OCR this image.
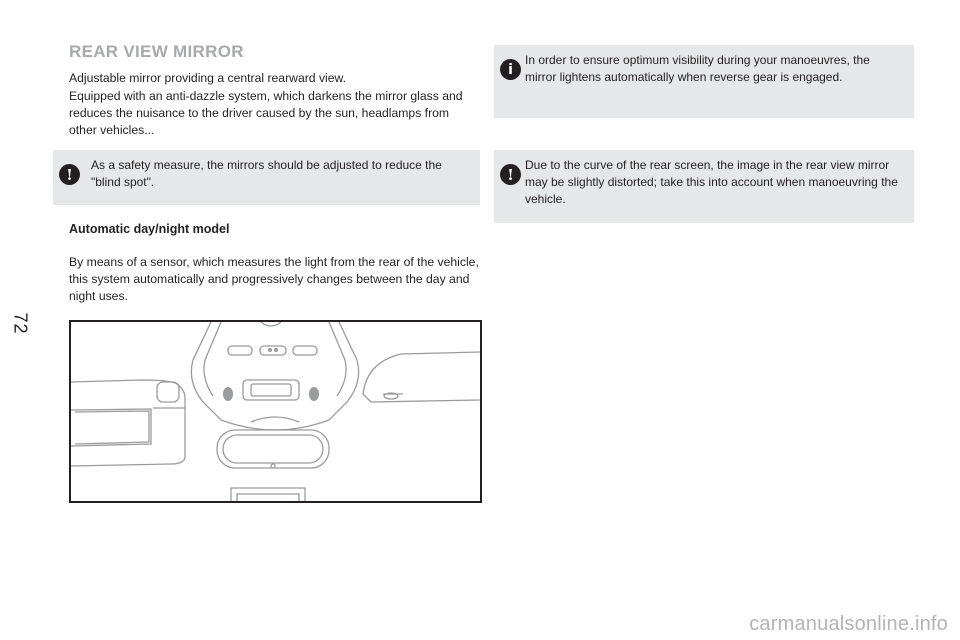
72
REAR VIEW MIRROR

Adjustable mirror providing a central rearward view.

Equipped with an anti-dazzle system, which darkens the mirror glass and reduces the nuisance to the driver caused by the sun, headlamps from other vehicles...

!

As a safety measure, the mirrors should be adjusted to reduce the "blind spot".

Automatic day/night model

By means of a sensor, which measures the light from the rear of the vehicle, this system automatically and progressively changes between the day and night uses.

i

In order to ensure optimum visibility during your manoeuvres, the mirror lightens automatically when reverse gear is engaged.

!

Due to the curve of the rear screen, the image in the rear view mirror may be slightly distorted; take this into account when manoeuvring the vehicle.

carmanualsonline.info
